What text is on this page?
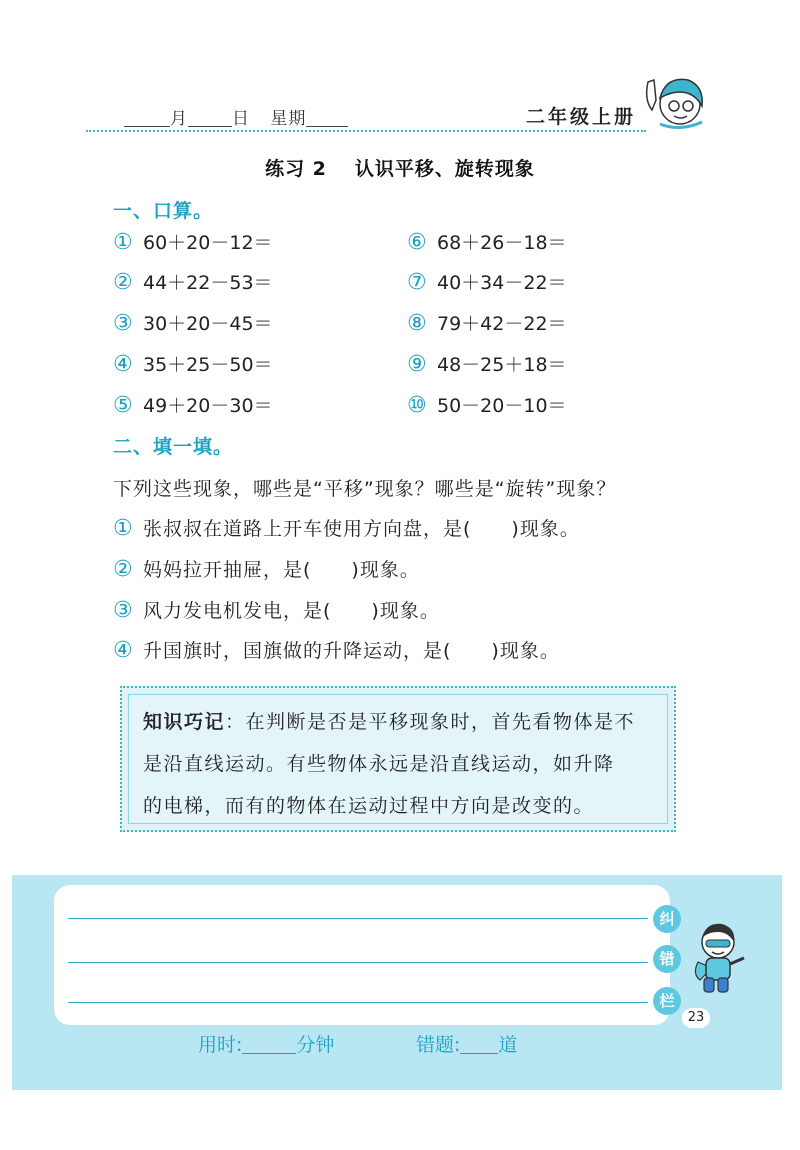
月	日 星期	二年级上册
练习 2 认识平移、旋转现象
一、口算。
① 60＋20－12＝
② 44＋22－53＝
③ 30＋20－45＝
④ 35＋25－50＝
⑤ 49＋20－30＝
⑥ 68＋26－18＝
⑦ 40＋34－22＝
⑧ 79＋42－22＝
⑨ 48－25＋18＝
⑩ 50－20－10＝
二、填一填。
下列这些现象，哪些是“平移”现象？哪些是“旋转”现象？
① 张叔叔在道路上开车使用方向盘，是(　　)现象。
② 妈妈拉开抽屉，是(　　)现象。
③ 风力发电机发电，是(　　)现象。
④ 升国旗时，国旗做的升降运动，是(　　)现象。
知识巧记：在判断是否是平移现象时，首先看物体是不
是沿直线运动。有些物体永远是沿直线运动，如升降
的电梯，而有的物体在运动过程中方向是改变的。
纠
错
栏
23
用时:	分钟	错题: 道
